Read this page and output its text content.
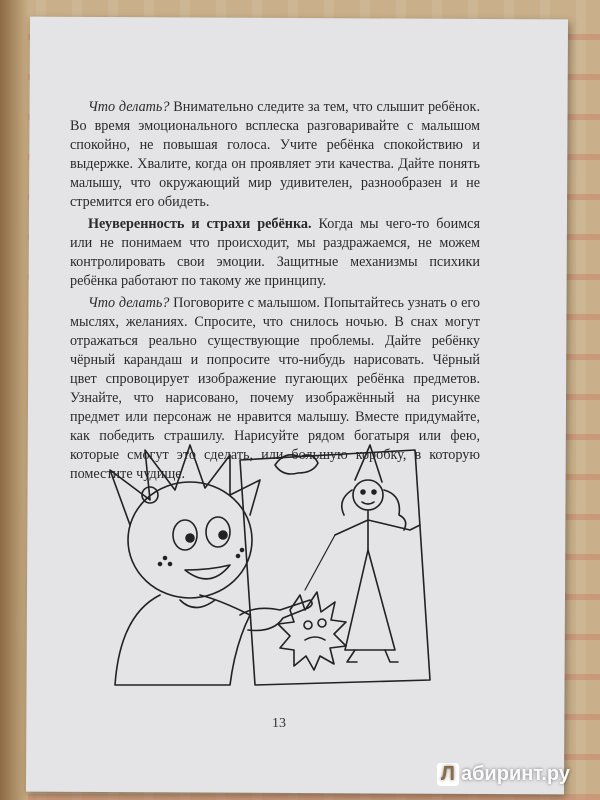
Что делать? Внимательно следите за тем, что слышит ребёнок. Во время эмоционального всплеска разговаривайте с малышом спокойно, не повышая голоса. Учите ребёнка спокойствию и выдержке. Хвалите, когда он проявляет эти качества. Дайте понять малышу, что окружающий мир удивителен, разнообразен и не стремится его обидеть.

Неуверенность и страхи ребёнка. Когда мы чего-то боимся или не понимаем что происходит, мы раздражаемся, не можем контролировать свои эмоции. Защитные механизмы психики ребёнка работают по такому же принципу.

Что делать? Поговорите с малышом. Попытайтесь узнать о его мыслях, желаниях. Спросите, что снилось ночью. В снах могут отражаться реально существующие проблемы. Дайте ребёнку чёрный карандаш и попросите что-нибудь нарисовать. Чёрный цвет спровоцирует изображение пугающих ребёнка предметов. Узнайте, что нарисовано, почему изображённый на рисунке предмет или персонаж не нравится малышу. Вместе придумайте, как победить страшилу. Нарисуйте рядом богатыря или фею, которые смогут это сделать, или большую коробку, в которую поместите чудище.

13
Л абиринт.ру
